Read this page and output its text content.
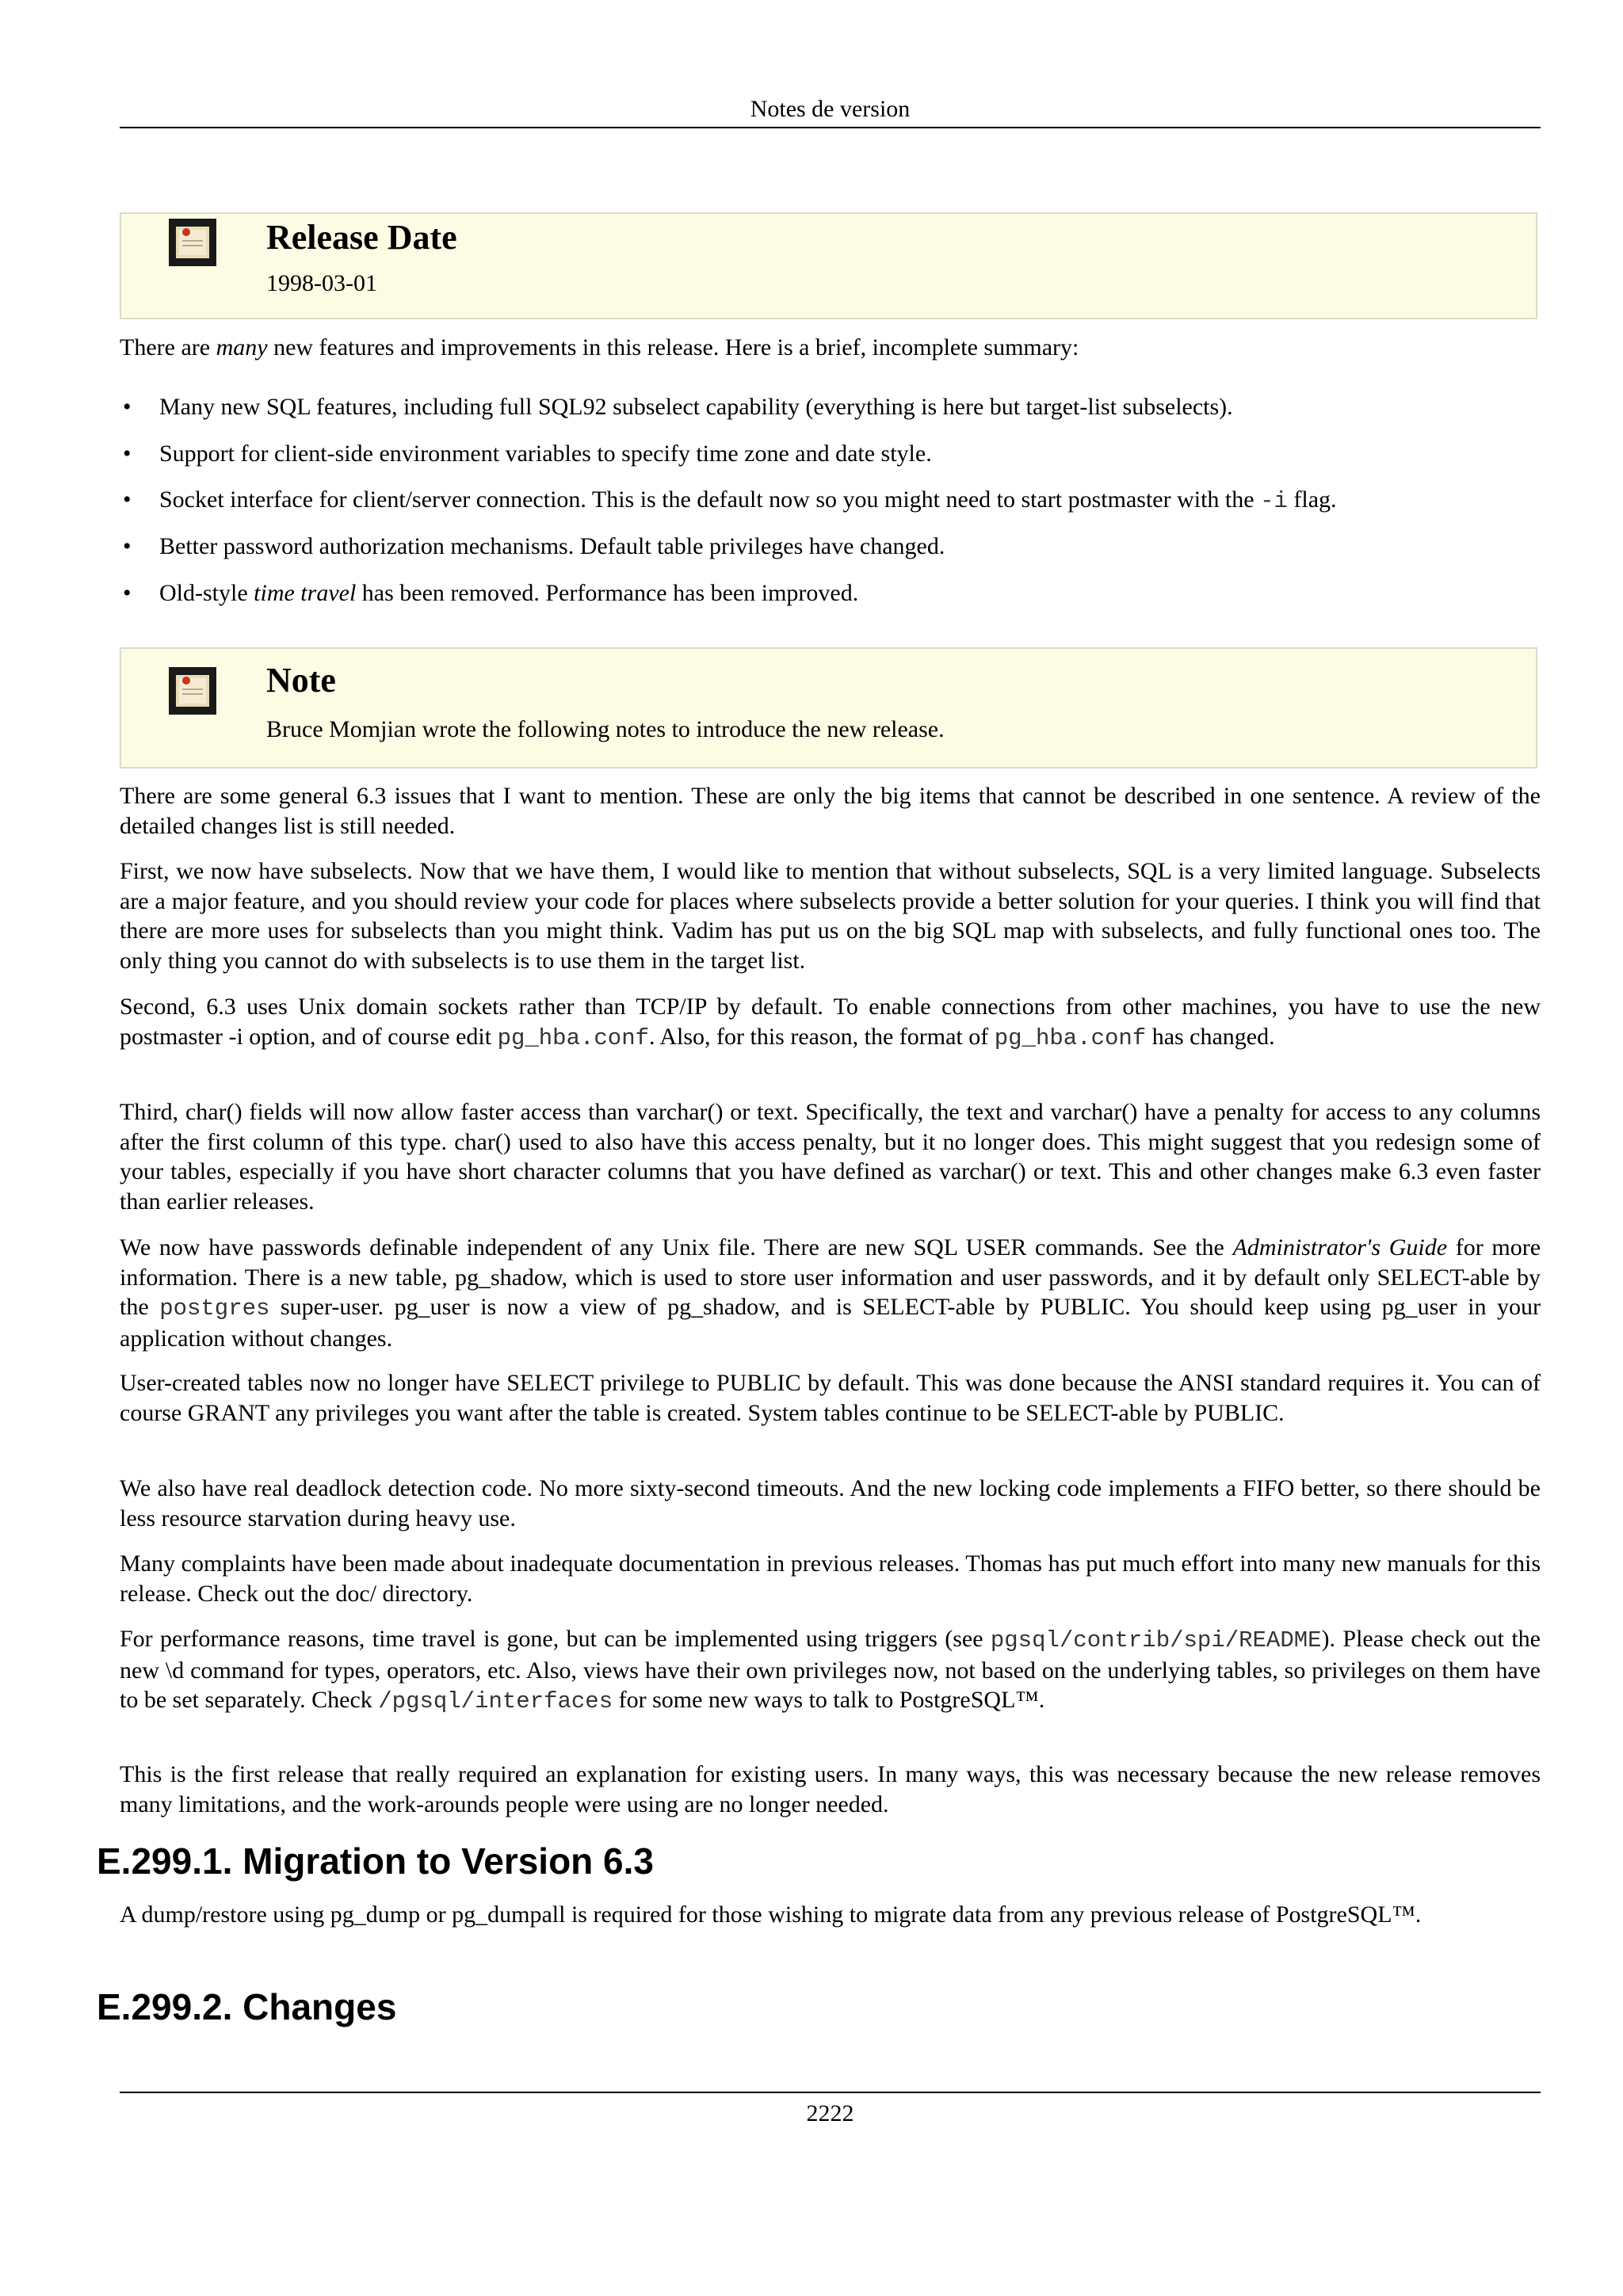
Notes de version
Release Date
1998-03-01
There are many new features and improvements in this release. Here is a brief, incomplete summary:
• Many new SQL features, including full SQL92 subselect capability (everything is here but target-list subselects).
• Support for client-side environment variables to specify time zone and date style.
• Socket interface for client/server connection. This is the default now so you might need to start postmaster with the -i flag.
• Better password authorization mechanisms. Default table privileges have changed.
• Old-style time travel has been removed. Performance has been improved.
Note
Bruce Momjian wrote the following notes to introduce the new release.
There are some general 6.3 issues that I want to mention. These are only the big items that cannot be described in one sentence. A review of the detailed changes list is still needed.
First, we now have subselects. Now that we have them, I would like to mention that without subselects, SQL is a very limited language. Subselects are a major feature, and you should review your code for places where subselects provide a better solution for your queries. I think you will find that there are more uses for subselects than you might think. Vadim has put us on the big SQL map with subselects, and fully functional ones too. The only thing you cannot do with subselects is to use them in the target list.
Second, 6.3 uses Unix domain sockets rather than TCP/IP by default. To enable connections from other machines, you have to use the new postmaster -i option, and of course edit pg_hba.conf. Also, for this reason, the format of pg_hba.conf has changed.
Third, char() fields will now allow faster access than varchar() or text. Specifically, the text and varchar() have a penalty for access to any columns after the first column of this type. char() used to also have this access penalty, but it no longer does. This might suggest that you redesign some of your tables, especially if you have short character columns that you have defined as varchar() or text. This and other changes make 6.3 even faster than earlier releases.
We now have passwords definable independent of any Unix file. There are new SQL USER commands. See the Administrator's Guide for more information. There is a new table, pg_shadow, which is used to store user information and user passwords, and it by default only SELECT-able by the postgres super-user. pg_user is now a view of pg_shadow, and is SELECT-able by PUBLIC. You should keep using pg_user in your application without changes.
User-created tables now no longer have SELECT privilege to PUBLIC by default. This was done because the ANSI standard requires it. You can of course GRANT any privileges you want after the table is created. System tables continue to be SELECT-able by PUBLIC.
We also have real deadlock detection code. No more sixty-second timeouts. And the new locking code implements a FIFO better, so there should be less resource starvation during heavy use.
Many complaints have been made about inadequate documentation in previous releases. Thomas has put much effort into many new manuals for this release. Check out the doc/ directory.
For performance reasons, time travel is gone, but can be implemented using triggers (see pgsql/contrib/spi/README). Please check out the new \d command for types, operators, etc. Also, views have their own privileges now, not based on the underlying tables, so privileges on them have to be set separately. Check /pgsql/interfaces for some new ways to talk to PostgreSQL™.
This is the first release that really required an explanation for existing users. In many ways, this was necessary because the new release removes many limitations, and the work-arounds people were using are no longer needed.
E.299.1. Migration to Version 6.3
A dump/restore using pg_dump or pg_dumpall is required for those wishing to migrate data from any previous release of PostgreSQL™.
E.299.2. Changes
2222
